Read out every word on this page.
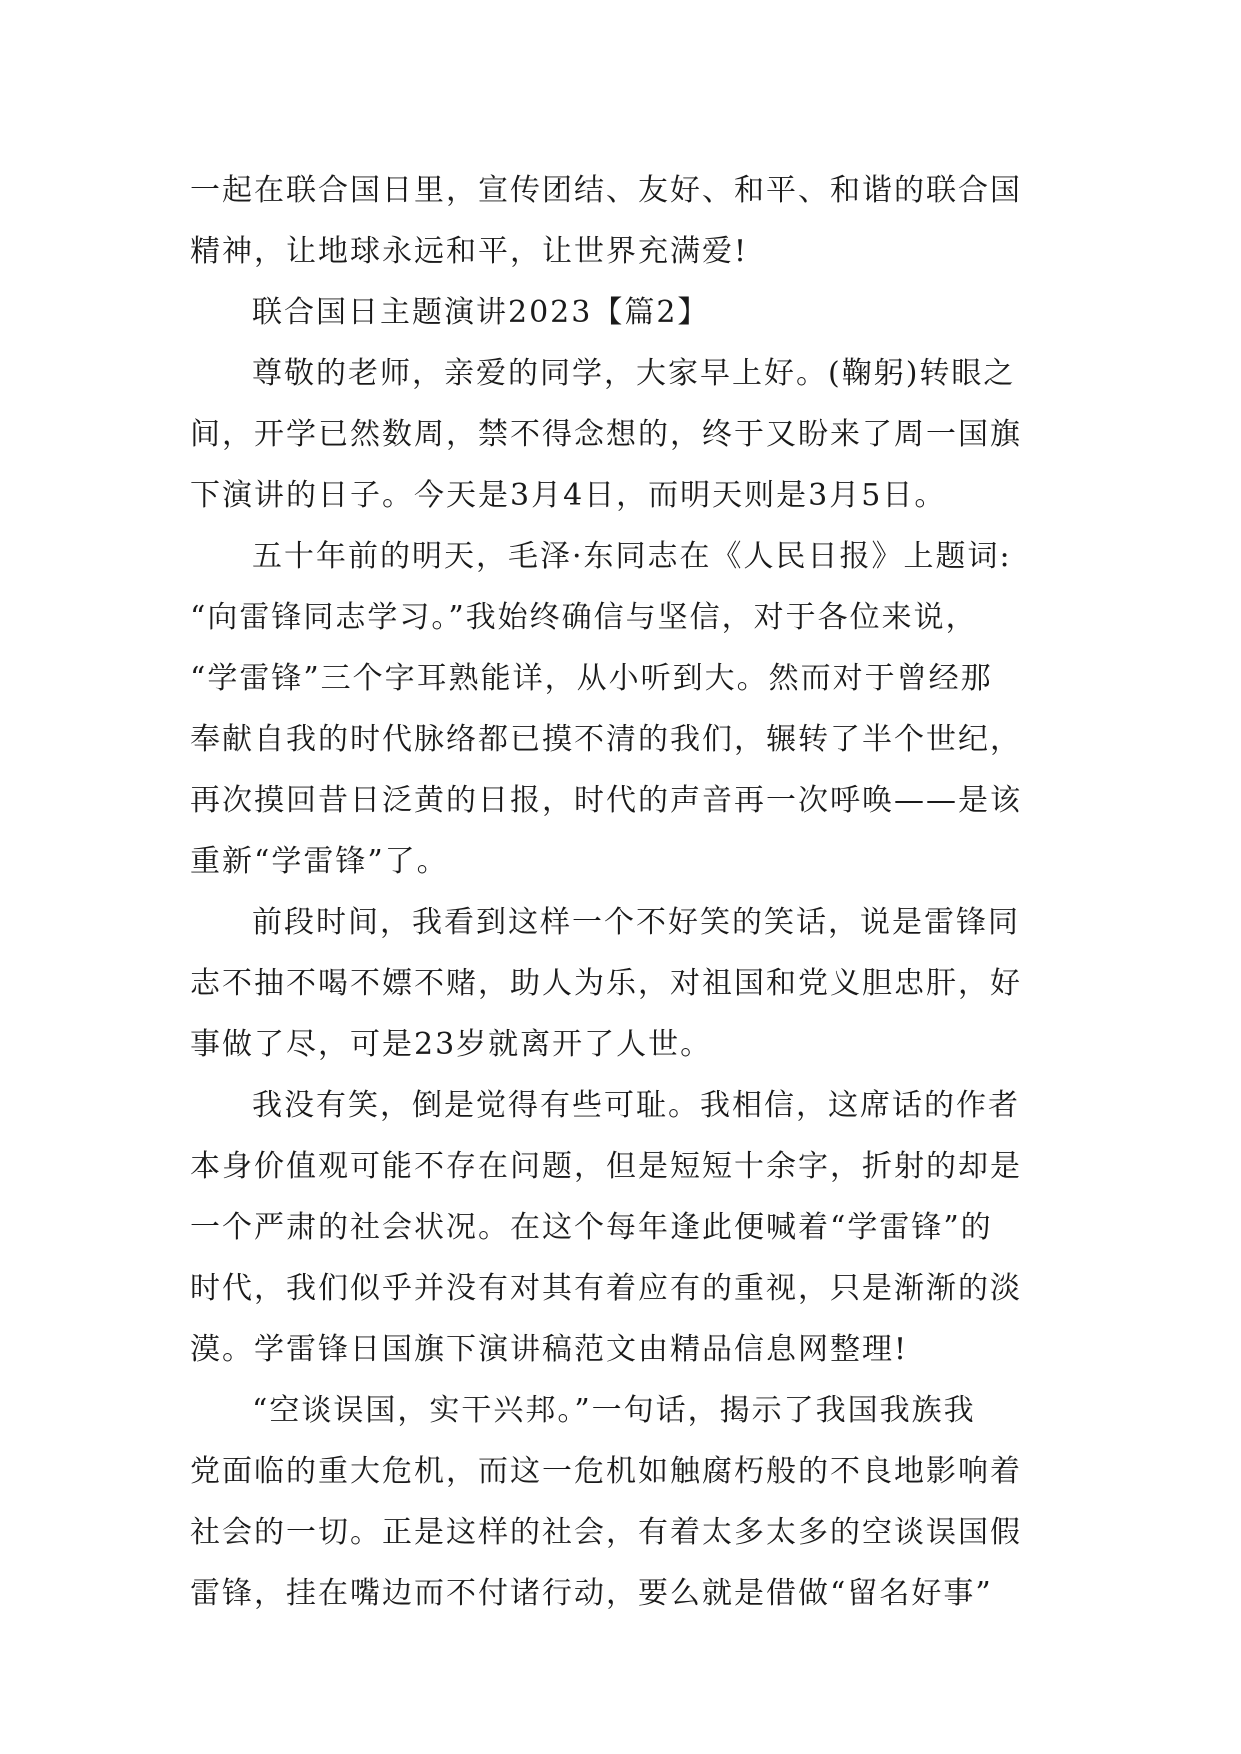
一起在联合国日里，宣传团结、友好、和平、和谐的联合国
精神，让地球永远和平，让世界充满爱!
联合国日主题演讲2023【篇2】
尊敬的老师，亲爱的同学，大家早上好。(鞠躬)转眼之
间，开学已然数周，禁不得念想的，终于又盼来了周一国旗
下演讲的日子。今天是3月4日，而明天则是3月5日。
五十年前的明天，毛泽·东同志在《人民日报》上题词:
“向雷锋同志学习。”我始终确信与坚信，对于各位来说，
“学雷锋”三个字耳熟能详，从小听到大。然而对于曾经那
奉献自我的时代脉络都已摸不清的我们，辗转了半个世纪，
再次摸回昔日泛黄的日报，时代的声音再一次呼唤——是该
重新“学雷锋”了。
前段时间，我看到这样一个不好笑的笑话，说是雷锋同
志不抽不喝不嫖不赌，助人为乐，对祖国和党义胆忠肝，好
事做了尽，可是23岁就离开了人世。
我没有笑，倒是觉得有些可耻。我相信，这席话的作者
本身价值观可能不存在问题，但是短短十余字，折射的却是
一个严肃的社会状况。在这个每年逢此便喊着“学雷锋”的
时代，我们似乎并没有对其有着应有的重视，只是渐渐的淡
漠。学雷锋日国旗下演讲稿范文由精品信息网整理!
“空谈误国，实干兴邦。”一句话，揭示了我国我族我
党面临的重大危机，而这一危机如触腐朽般的不良地影响着
社会的一切。正是这样的社会，有着太多太多的空谈误国假
雷锋，挂在嘴边而不付诸行动，要么就是借做“留名好事”
